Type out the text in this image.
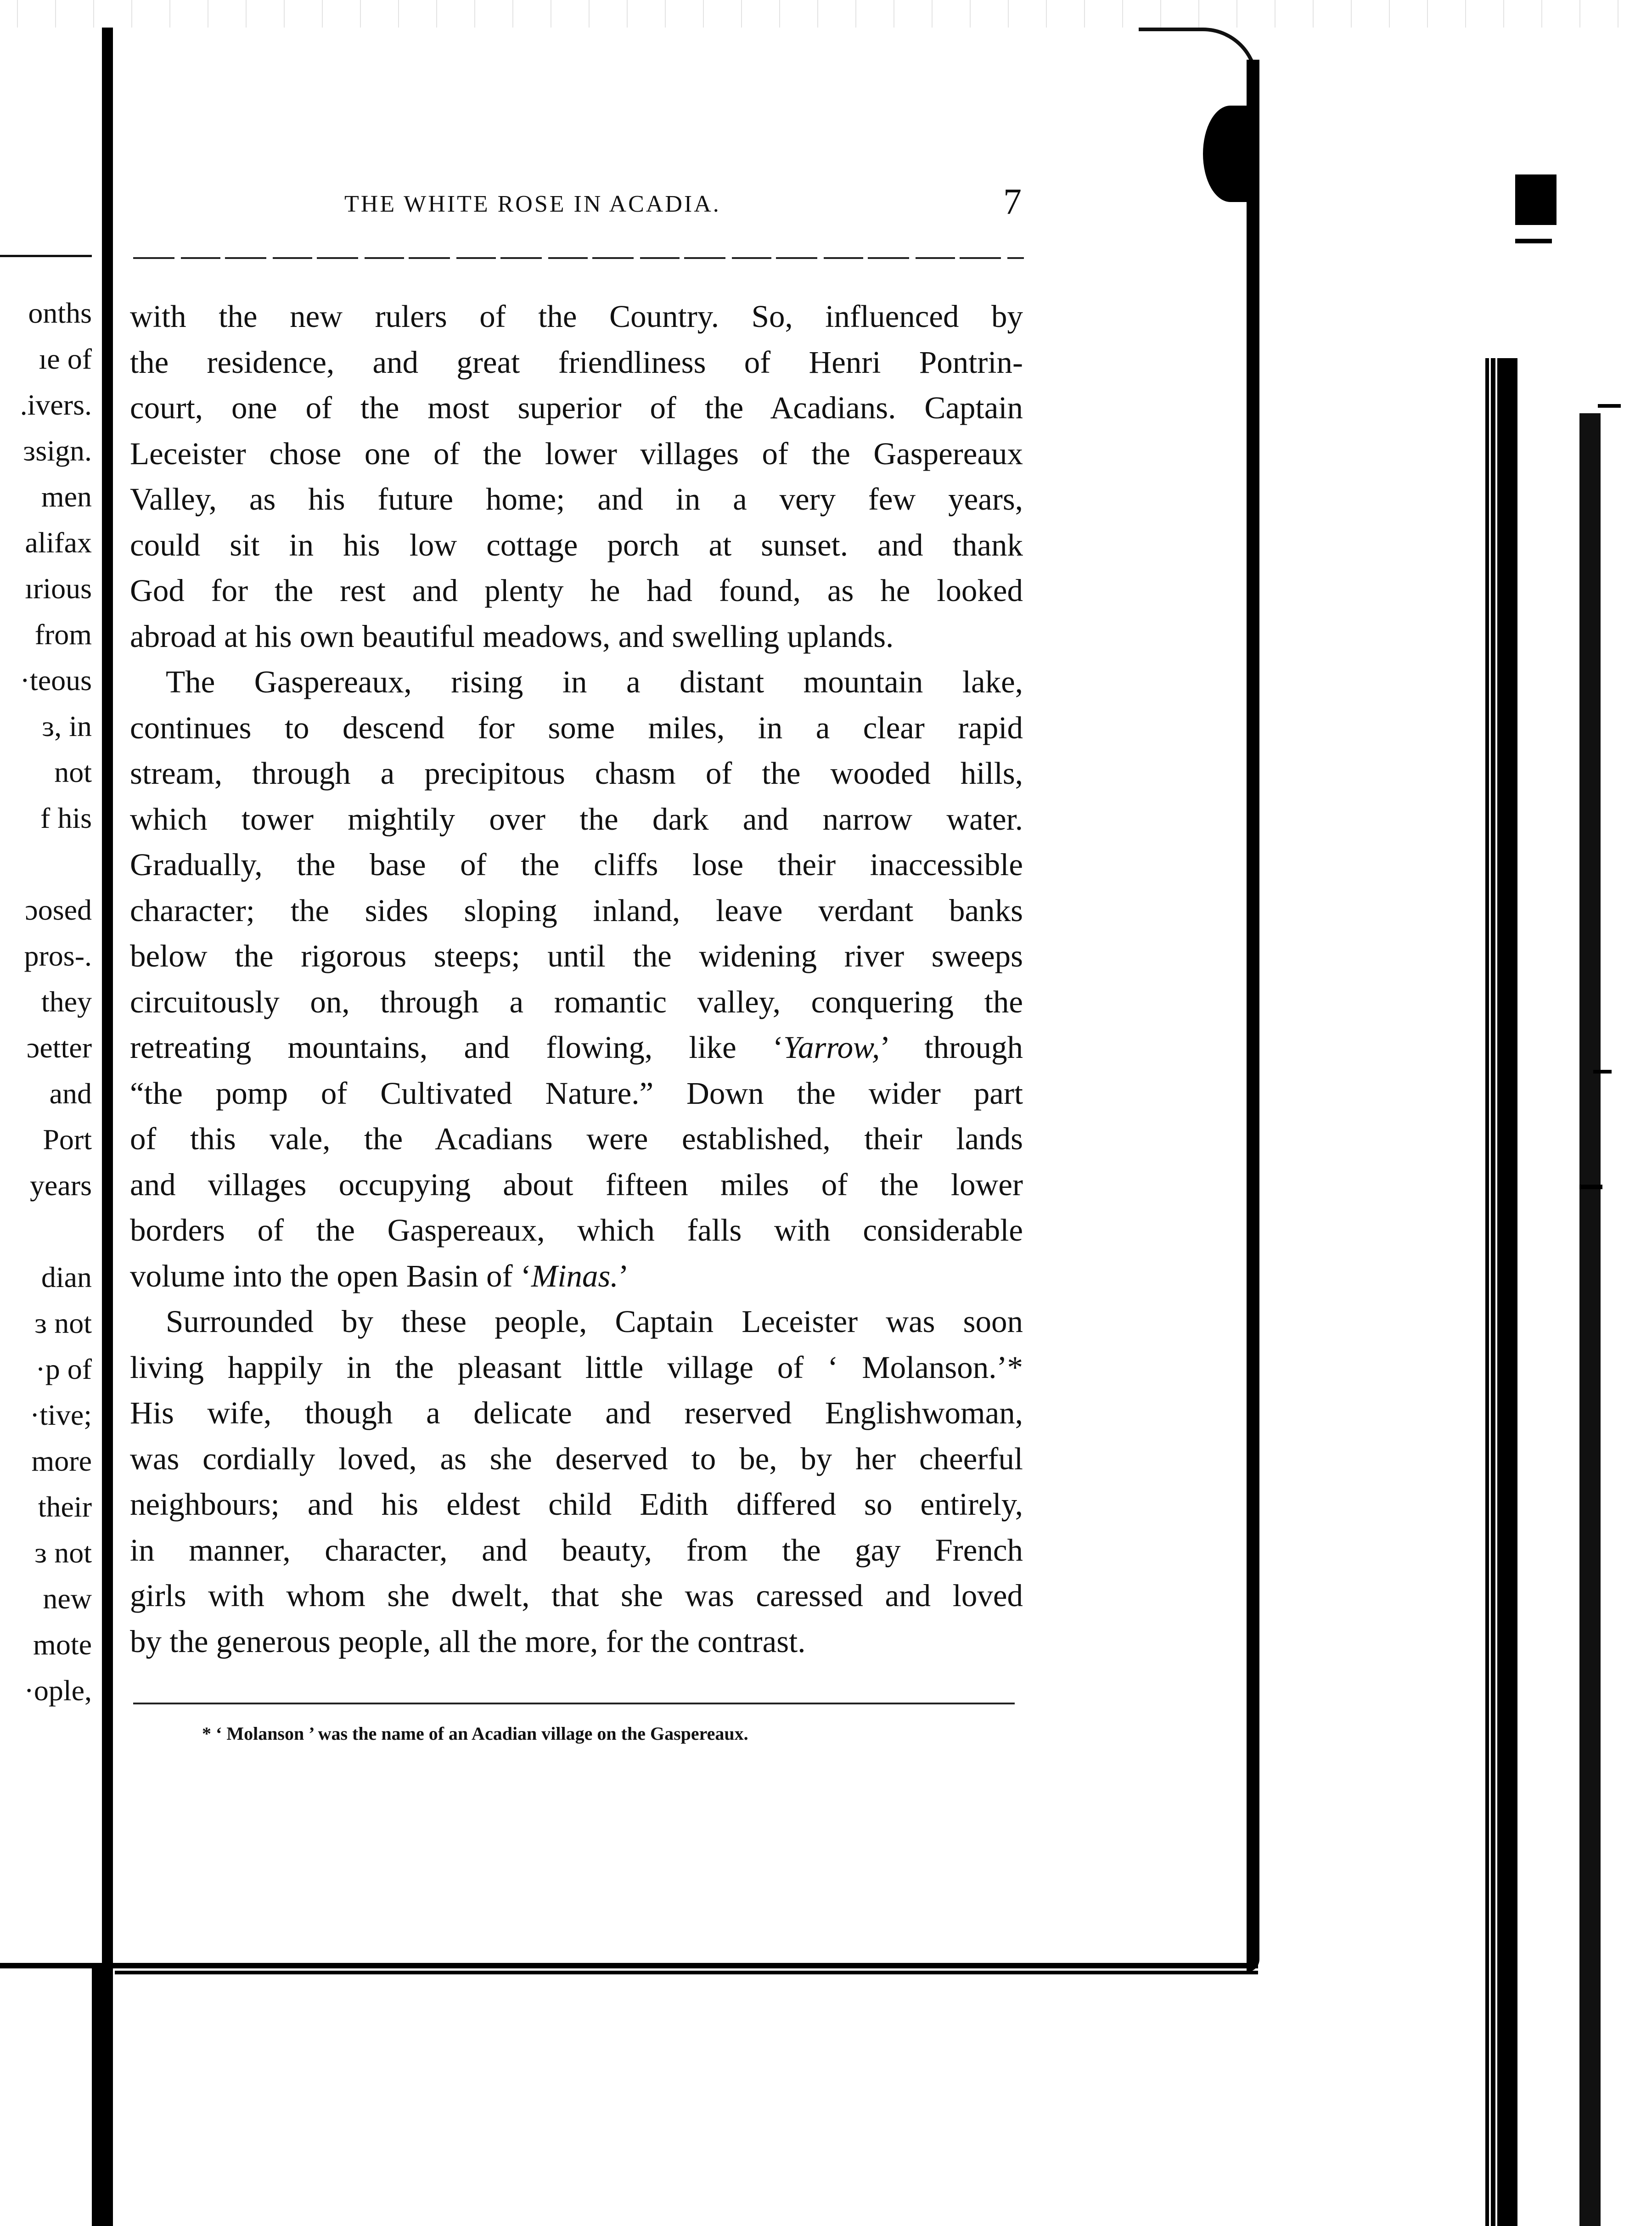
onths
ıe of
.ivers.
ɜsign.
men
alifax
ırious
from
·teous
ɜ, in
not
f his
ɔosed
pros-.
they
ɔetter
and
Port
years
dian
ɜ not
·p of
·tive;
more
their
ɜ not
new
mote
·ople,
THE WHITE ROSE IN ACADIA.	7
with the new rulers of the Country. So, influenced by
the residence, and great friendliness of Henri Pontrin-
court, one of the most superior of the Acadians. Captain
Leceister chose one of the lower villages of the Gaspereaux
Valley, as his future home; and in a very few years,
could sit in his low cottage porch at sunset. and thank
God for the rest and plenty he had found, as he looked
abroad at his own beautiful meadows, and swelling uplands.
The Gaspereaux, rising in a distant mountain lake,
continues to descend for some miles, in a clear rapid
stream, through a precipitous chasm of the wooded hills,
which tower mightily over the dark and narrow water.
Gradually, the base of the cliffs lose their inaccessible
character; the sides sloping inland, leave verdant banks
below the rigorous steeps; until the widening river sweeps
circuitously on, through a romantic valley, conquering the
retreating mountains, and flowing, like ‘Yarrow,’ through
“the pomp of Cultivated Nature.” Down the wider part
of this vale, the Acadians were established, their lands
and villages occupying about fifteen miles of the lower
borders of the Gaspereaux, which falls with considerable
volume into the open Basin of ‘Minas.’
Surrounded by these people, Captain Leceister was soon
living happily in the pleasant little village of ‘ Molanson.’*
His wife, though a delicate and reserved Englishwoman,
was cordially loved, as she deserved to be, by her cheerful
neighbours; and his eldest child Edith differed so entirely,
in manner, character, and beauty, from the gay French
girls with whom she dwelt, that she was caressed and loved
by the generous people, all the more, for the contrast.
* ‘ Molanson ’ was the name of an Acadian village on the Gaspereaux.
